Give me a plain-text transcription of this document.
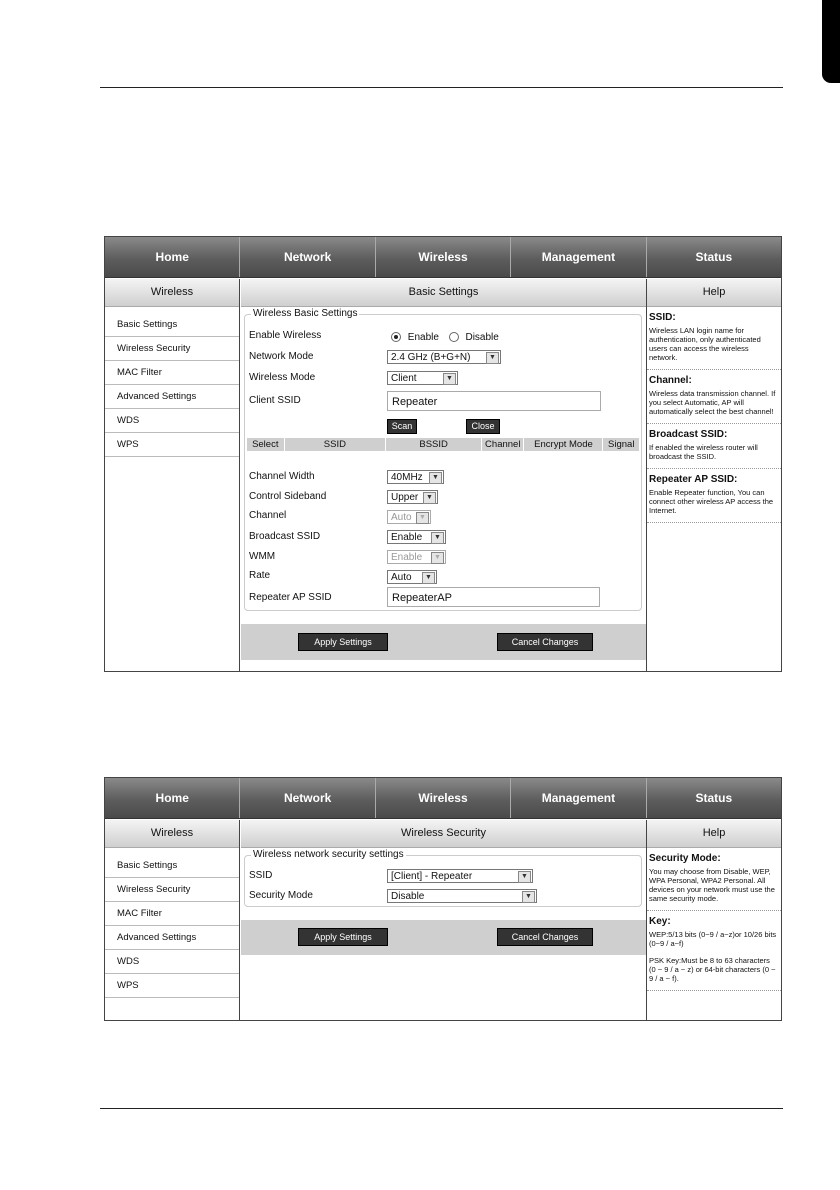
Home	Network	Wireless	Management	Status
Wireless
Basic Settings
Wireless Security
MAC Filter
Advanced Settings
WDS
WPS
Basic Settings
Wireless Basic Settings
Enable Wireless	Enable	Disable
Network Mode	2.4 GHz (B+G+N)	▼
Wireless Mode	Client	▼
Client SSID	Repeater
Scan	Close
Select	SSID	BSSID	Channel	Encrypt Mode	Signal
Channel Width	40MHz	▼
Control Sideband	Upper	▼
Channel	Auto	▼
Broadcast SSID	Enable	▼
WMM	Enable	▼
Rate	Auto	▼
Repeater AP SSID	RepeaterAP
Apply Settings	Cancel Changes
Help
SSID:
Wireless LAN login name for authentication, only authenticated users can access the wireless network.
Channel:
Wireless data transmission channel. If you select Automatic, AP will automatically select the best channel!
Broadcast SSID:
If enabled the wireless router will broadcast the SSID.
Repeater AP SSID:
Enable Repeater function, You can connect other wireless AP access the Internet.
Home	Network	Wireless	Management	Status
Wireless
Basic Settings
Wireless Security
MAC Filter
Advanced Settings
WDS
WPS
Wireless Security
Wireless network security settings
SSID	[Client] - Repeater	▼
Security Mode	Disable	▼
Apply Settings	Cancel Changes
Help
Security Mode:
You may choose from Disable, WEP, WPA Personal, WPA2 Personal. All devices on your network must use the same security mode.
Key:
WEP:5/13 bits (0~9 / a~z)or 10/26 bits (0~9 / a~f)
PSK Key:Must be 8 to 63 characters (0 ~ 9 / a ~ z) or 64-bit characters (0 ~ 9 / a ~ f).
